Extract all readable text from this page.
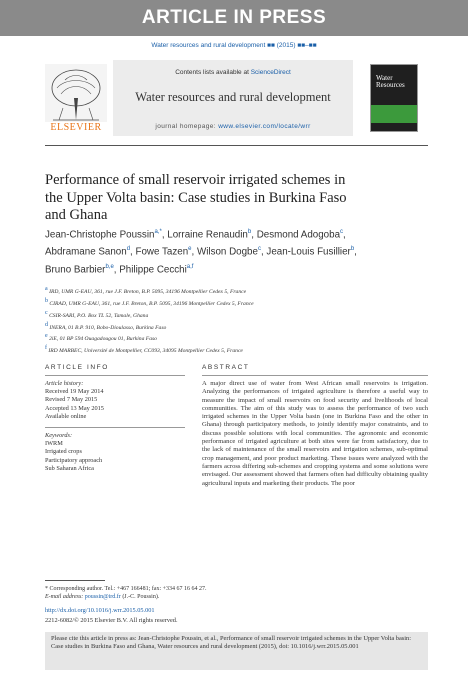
ARTICLE IN PRESS
Water resources and rural development ■■ (2015) ■■–■■
ELSEVIER
Contents lists available at ScienceDirect
Water resources and rural development
journal homepage: www.elsevier.com/locate/wrr
Water Resources
Performance of small reservoir irrigated schemes in the Upper Volta basin: Case studies in Burkina Faso and Ghana
Jean-Christophe Poussin$^{a,*}$, Lorraine Renaudin$^b$, Desmond Adogoba$^c$, Abdramane Sanon$^d$, Fowe Tazen$^e$, Wilson Dogbe$^c$, Jean-Louis Fusillier$^b$, Bruno Barbier$^{b,e}$, Philippe Cecchi$^{a,f}$
$^a$ IRD, UMR G-EAU, 361, rue J.F. Breton, B.P. 5095, 34196 Montpellier Cedex 5, France
$^b$ CIRAD, UMR G-EAU, 361, rue J.F. Breton, B.P. 5095, 34196 Montpellier Cedex 5, France
$^c$ CSIR-SARI, P.O. Box TL 52, Tamale, Ghana
$^d$ INERA, 01 B.P. 910, Bobo-Dioulasso, Burkina Faso
$^e$ 2iE, 01 BP 594 Ouagadougou 01, Burkina Faso
$^f$ IRD MARBEC, Université de Montpellier, CC093, 34095 Montpellier Cedex 5, France
ARTICLE INFO	ABSTRACT
Article history:
Received 19 May 2014
Revised 7 May 2015
Accepted 13 May 2015
Available online
Keywords:
IWRM
Irrigated crops
Participatory approach
Sub Saharan Africa
A major direct use of water from West African small reservoirs is irrigation. Analyzing the performances of irrigated agriculture is therefore a useful way to measure the impact of small reservoirs on food security and livelihoods of local communities. The aim of this study was to assess the performance of two such irrigated schemes in the Upper Volta basin (one in Burkina Faso and the other in Ghana) through participatory methods, to jointly identify major constraints, and to discuss possible solutions with local communities. The agronomic and economic performance of irrigated agriculture at both sites were far from satisfactory, due to the lack of maintenance of the small reservoirs and irrigation schemes, sub-optimal crop management, and poor product marketing. These issues were analyzed with the farmers across differing sub-schemes and cropping systems and some solutions were envisaged. Our assessment showed that farmers often had difficulty obtaining quality agricultural inputs and marketing their products. The poor
* Corresponding author. Tel.: +467 166481; fax: +334 67 16 64 27.
E-mail address: poussin@ird.fr (J.-C. Poussin).
http://dx.doi.org/10.1016/j.wrr.2015.05.001
2212-6082/© 2015 Elsevier B.V. All rights reserved.
Please cite this article in press as: Jean-Christophe Poussin, et al., Performance of small reservoir irrigated schemes in the Upper Volta basin: Case studies in Burkina Faso and Ghana, Water resources and rural development (2015), doi: 10.1016/j.wrr.2015.05.001
